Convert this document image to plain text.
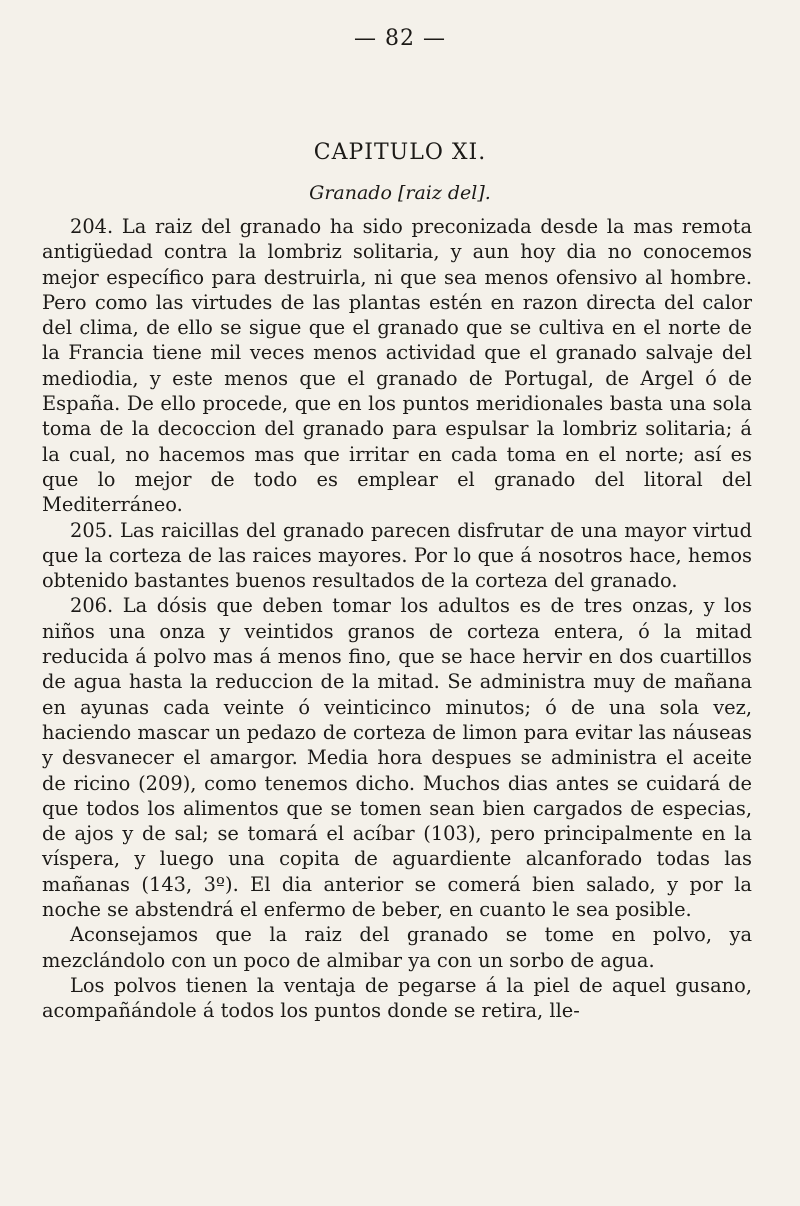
— 82 —
CAPITULO XI.
Granado [raiz del].

204. La raiz del granado ha sido preconizada desde la mas remota antigüedad contra la lombriz solitaria, y aun hoy dia no conocemos mejor específico para destruirla, ni que sea menos ofensivo al hombre. Pero como las virtudes de las plantas estén en razon directa del calor del clima, de ello se sigue que el granado que se cultiva en el norte de la Francia tiene mil veces menos actividad que el granado salvaje del mediodia, y este menos que el granado de Portugal, de Argel ó de España. De ello procede, que en los puntos meridionales basta una sola toma de la decoccion del granado para espulsar la lombriz solitaria; á la cual, no hacemos mas que irritar en cada toma en el norte; así es que lo mejor de todo es emplear el granado del litoral del Mediterráneo.

205. Las raicillas del granado parecen disfrutar de una mayor virtud que la corteza de las raices mayores. Por lo que á nosotros hace, hemos obtenido bastantes buenos resultados de la corteza del granado.

206. La dósis que deben tomar los adultos es de tres onzas, y los niños una onza y veintidos granos de corteza entera, ó la mitad reducida á polvo mas á menos fino, que se hace hervir en dos cuartillos de agua hasta la reduccion de la mitad. Se administra muy de mañana en ayunas cada veinte ó veinticinco minutos; ó de una sola vez, haciendo mascar un pedazo de corteza de limon para evitar las náuseas y desvanecer el amargor. Media hora despues se administra el aceite de ricino (209), como tenemos dicho. Muchos dias antes se cuidará de que todos los alimentos que se tomen sean bien cargados de especias, de ajos y de sal; se tomará el acíbar (103), pero principalmente en la víspera, y luego una copita de aguardiente alcanforado todas las mañanas (143, 3º). El dia anterior se comerá bien salado, y por la noche se abstendrá el enfermo de beber, en cuanto le sea posible.

Aconsejamos que la raiz del granado se tome en polvo, ya mezclándolo con un poco de almibar ya con un sorbo de agua.

Los polvos tienen la ventaja de pegarse á la piel de aquel gusano, acompañándole á todos los puntos donde se retira, lle-
